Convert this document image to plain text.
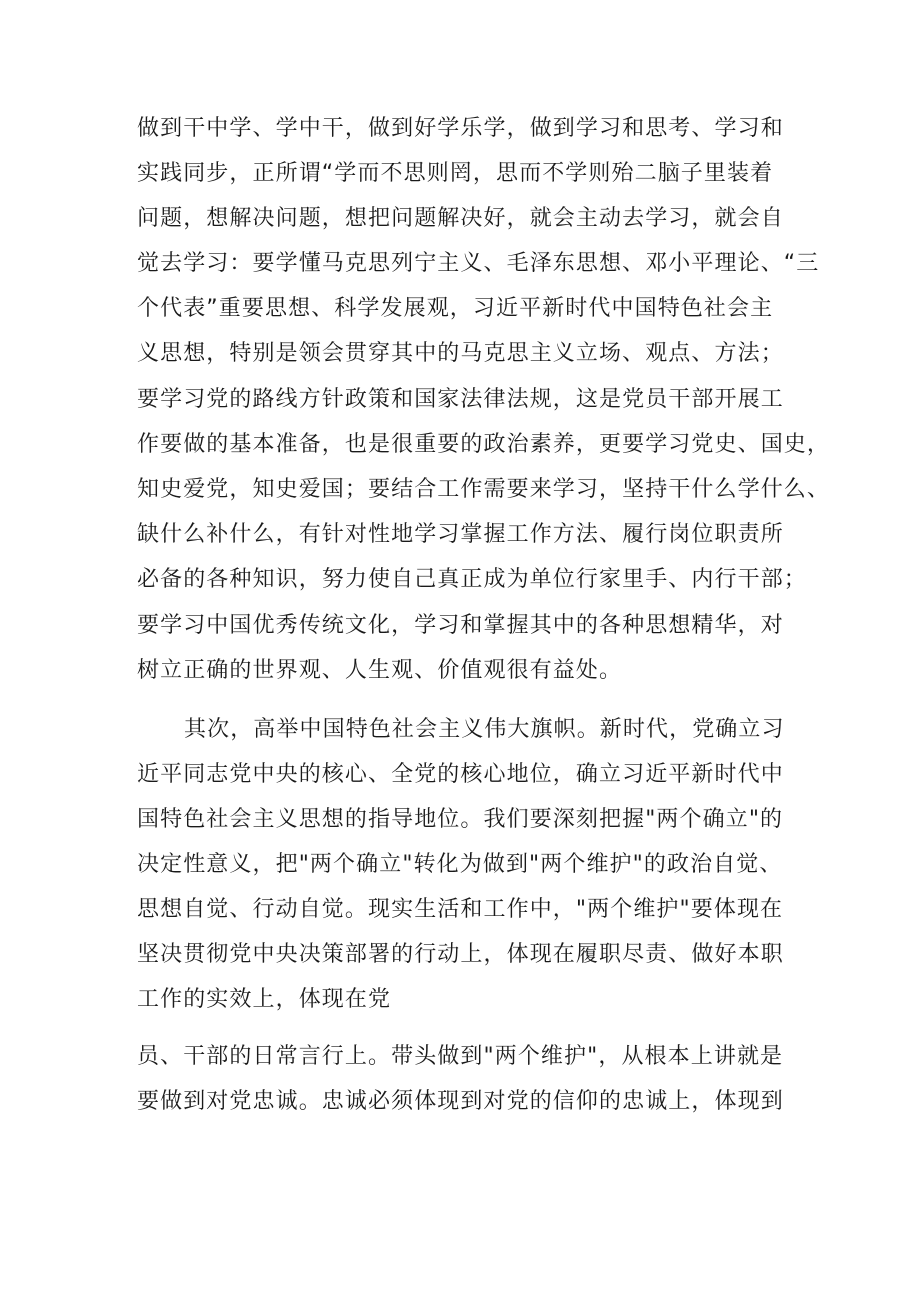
做到干中学、学中干，做到好学乐学，做到学习和思考、学习和
实践同步，正所谓“学而不思则罔，思而不学则殆二脑子里装着
问题，想解决问题，想把问题解决好，就会主动去学习，就会自
觉去学习：要学懂马克思列宁主义、毛泽东思想、邓小平理论、“三
个代表”重要思想、科学发展观，习近平新时代中国特色社会主
义思想，特别是领会贯穿其中的马克思主义立场、观点、方法；
要学习党的路线方针政策和国家法律法规，这是党员干部开展工
作要做的基本准备，也是很重要的政治素养，更要学习党史、国史，
知史爱党，知史爱国；要结合工作需要来学习，坚持干什么学什么、
缺什么补什么，有针对性地学习掌握工作方法、履行岗位职责所
必备的各种知识，努力使自己真正成为单位行家里手、内行干部；
要学习中国优秀传统文化，学习和掌握其中的各种思想精华，对
树立正确的世界观、人生观、价值观很有益处。
其次，高举中国特色社会主义伟大旗帜。新时代，党确立习
近平同志党中央的核心、全党的核心地位，确立习近平新时代中
国特色社会主义思想的指导地位。我们要深刻把握"两个确立"的
决定性意义，把"两个确立"转化为做到"两个维护"的政治自觉、
思想自觉、行动自觉。现实生活和工作中，"两个维护"要体现在
坚决贯彻党中央决策部署的行动上，体现在履职尽责、做好本职
工作的实效上，体现在党
员、干部的日常言行上。带头做到"两个维护"，从根本上讲就是
要做到对党忠诚。忠诚必须体现到对党的信仰的忠诚上，体现到
